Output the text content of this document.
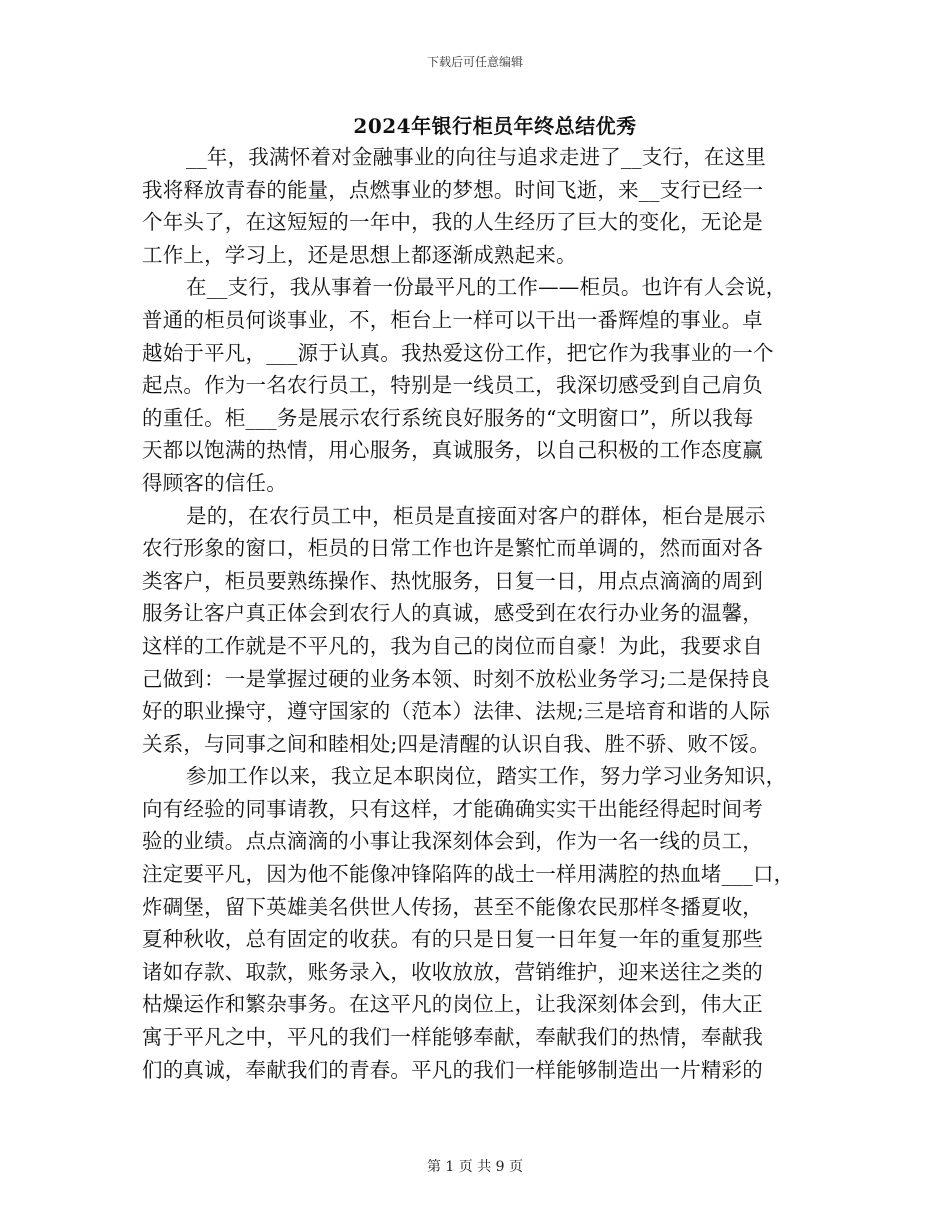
下载后可任意编辑
2024年银行柜员年终总结优秀
__年，我满怀着对金融事业的向往与追求走进了__支行，在这里
我将释放青春的能量，点燃事业的梦想。时间飞逝，来__支行已经一
个年头了，在这短短的一年中，我的人生经历了巨大的变化，无论是
工作上，学习上，还是思想上都逐渐成熟起来。
在__支行，我从事着一份最平凡的工作——柜员。也许有人会说，
普通的柜员何谈事业，不，柜台上一样可以干出一番辉煌的事业。卓
越始于平凡，___源于认真。我热爱这份工作，把它作为我事业的一个
起点。作为一名农行员工，特别是一线员工，我深切感受到自己肩负
的重任。柜___务是展示农行系统良好服务的“文明窗口”，所以我每
天都以饱满的热情，用心服务，真诚服务，以自己积极的工作态度赢
得顾客的信任。
是的，在农行员工中，柜员是直接面对客户的群体，柜台是展示
农行形象的窗口，柜员的日常工作也许是繁忙而单调的，然而面对各
类客户，柜员要熟练操作、热忱服务，日复一日，用点点滴滴的周到
服务让客户真正体会到农行人的真诚，感受到在农行办业务的温馨，
这样的工作就是不平凡的，我为自己的岗位而自豪！为此，我要求自
己做到：一是掌握过硬的业务本领、时刻不放松业务学习;二是保持良
好的职业操守，遵守国家的（范本）法律、法规;三是培育和谐的人际
关系，与同事之间和睦相处;四是清醒的认识自我、胜不骄、败不馁。
参加工作以来，我立足本职岗位，踏实工作，努力学习业务知识，
向有经验的同事请教，只有这样，才能确确实实干出能经得起时间考
验的业绩。点点滴滴的小事让我深刻体会到，作为一名一线的员工，
注定要平凡，因为他不能像冲锋陷阵的战士一样用满腔的热血堵___口，
炸碉堡，留下英雄美名供世人传扬，甚至不能像农民那样冬播夏收，
夏种秋收，总有固定的收获。有的只是日复一日年复一年的重复那些
诸如存款、取款，账务录入，收收放放，营销维护，迎来送往之类的
枯燥运作和繁杂事务。在这平凡的岗位上，让我深刻体会到，伟大正
寓于平凡之中，平凡的我们一样能够奉献，奉献我们的热情，奉献我
们的真诚，奉献我们的青春。平凡的我们一样能够制造出一片精彩的
第 1 页 共 9 页
